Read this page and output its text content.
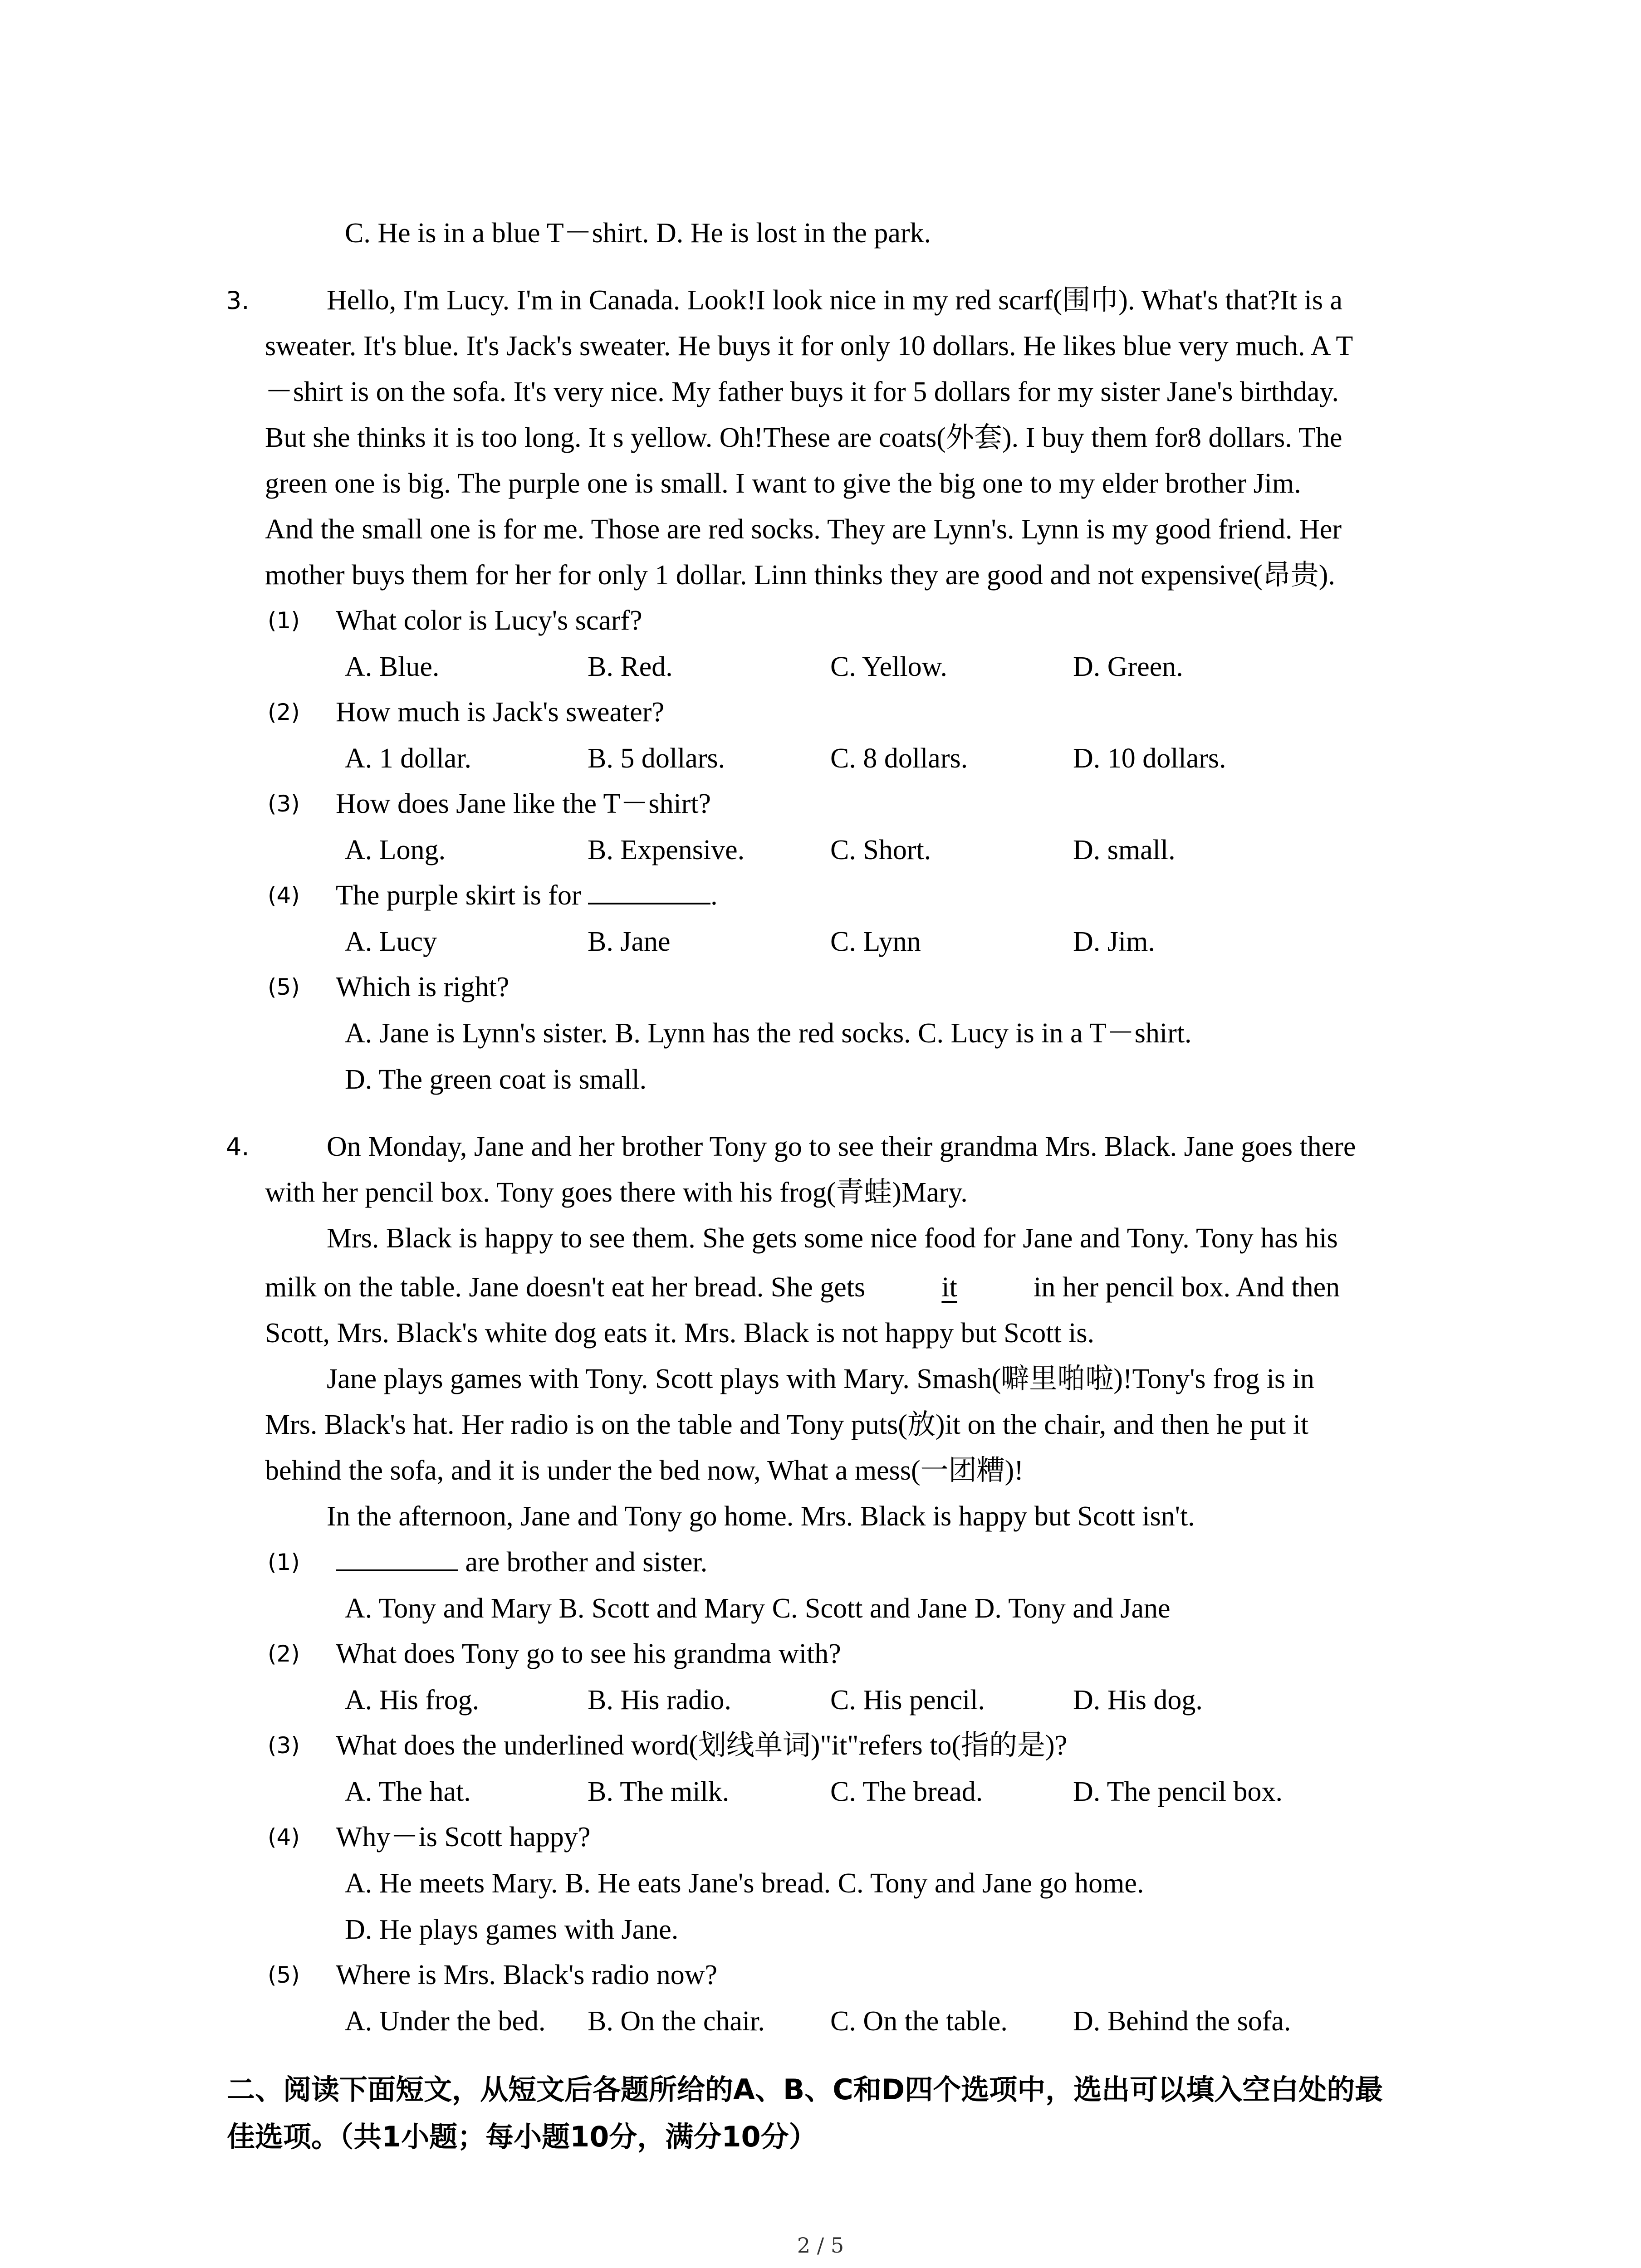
C. He is in a blue T－shirt. D. He is lost in the park.
3.	Hello, I'm Lucy. I'm in Canada. Look!I look nice in my red scarf(围巾). What's that?It is a
sweater. It's blue. It's Jack's sweater. He buys it for only 10 dollars. He likes blue very much. A T
－shirt is on the sofa. It's very nice. My father buys it for 5 dollars for my sister Jane's birthday.
But she thinks it is too long. It s yellow. Oh!These are coats(外套). I buy them for8 dollars. The
green one is big. The purple one is small. I want to give the big one to my elder brother Jim.
And the small one is for me. Those are red socks. They are Lynn's. Lynn is my good friend. Her
mother buys them for her for only 1 dollar. Linn thinks they are good and not expensive(昂贵).
(1) What color is Lucy's scarf?
A. Blue.	B. Red.	C. Yellow.	D. Green.
(2) How much is Jack's sweater?
A. 1 dollar.	B. 5 dollars.	C. 8 dollars.	D. 10 dollars.
(3) How does Jane like the T－shirt?
A. Long.	B. Expensive.	C. Short.	D. small.
(4) The purple skirt is for	.
A. Lucy	B. Jane	C. Lynn	D. Jim.
(5) Which is right?
A. Jane is Lynn's sister. B. Lynn has the red socks. C. Lucy is in a T－shirt.
D. The green coat is small.
4.	On Monday, Jane and her brother Tony go to see their grandma Mrs. Black. Jane goes there
with her pencil box. Tony goes there with his frog(青蛙)Mary.
Mrs. Black is happy to see them. She gets some nice food for Jane and Tony. Tony has his
milk on the table. Jane doesn't eat her bread. She gets	it	in her pencil box. And then
Scott, Mrs. Black's white dog eats it. Mrs. Black is not happy but Scott is.
Jane plays games with Tony. Scott plays with Mary. Smash(噼里啪啦)!Tony's frog is in
Mrs. Black's hat. Her radio is on the table and Tony puts(放)it on the chair, and then he put it
behind the sofa, and it is under the bed now, What a mess(一团糟)!
In the afternoon, Jane and Tony go home. Mrs. Black is happy but Scott isn't.
(1)	are brother and sister.
A. Tony and Mary B. Scott and Mary C. Scott and Jane D. Tony and Jane
(2) What does Tony go to see his grandma with?
A. His frog.	B. His radio.	C. His pencil.	D. His dog.
(3) What does the underlined word(划线单词)"it"refers to(指的是)?
A. The hat.	B. The milk.	C. The bread.	D. The pencil box.
(4) Why－is Scott happy?
A. He meets Mary. B. He eats Jane's bread. C. Tony and Jane go home.
D. He plays games with Jane.
(5) Where is Mrs. Black's radio now?
A. Under the bed. B. On the chair. C. On the table. D. Behind the sofa.
二、阅读下面短文，从短文后各题所给的A、B、C和D四个选项中，选出可以填入空白处的最
佳选项。（共1小题；每小题10分，满分10分）
2 / 5
